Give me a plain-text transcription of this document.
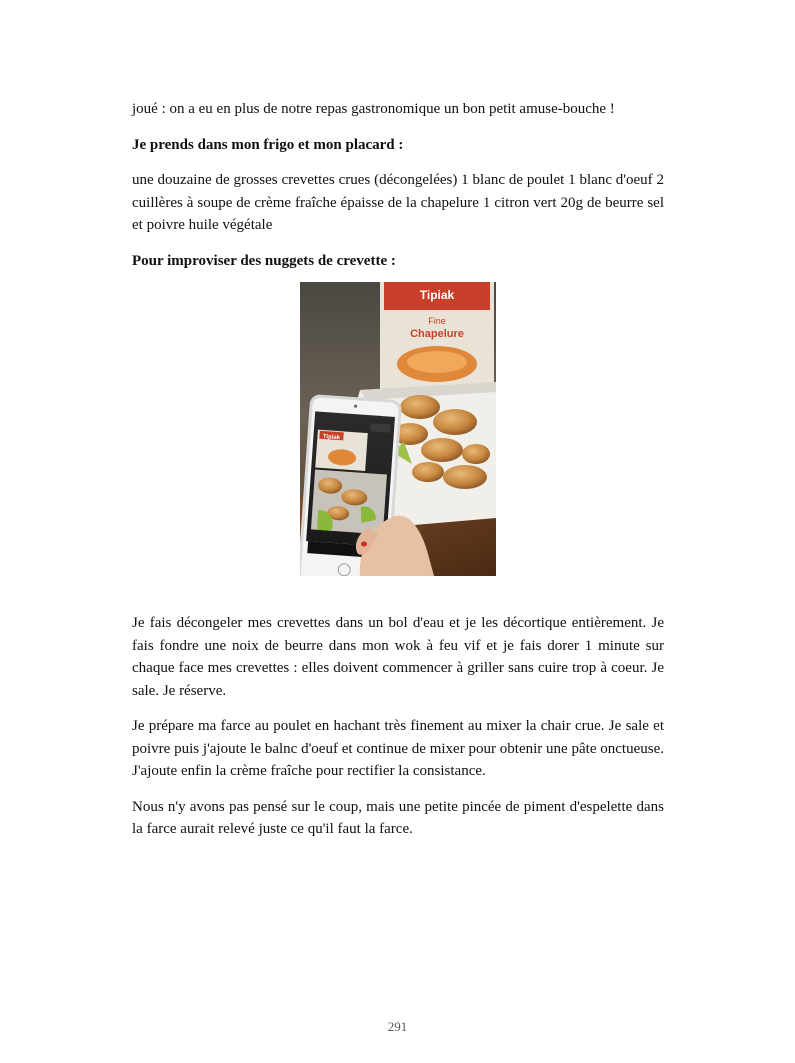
joué : on a eu en plus de notre repas gastronomique un bon petit amuse-bouche !

Je prends dans mon frigo et mon placard :

une douzaine de grosses crevettes crues (décongelées) 1 blanc de poulet 1 blanc d'oeuf 2 cuillères à soupe de crème fraîche épaisse de la chapelure 1 citron vert 20g de beurre sel et poivre huile végétale

Pour improviser des nuggets de crevette :
Tipiak
Fine
Chapelure
Tipiak

Je fais décongeler mes crevettes dans un bol d'eau et je les décortique entièrement. Je fais fondre une noix de beurre dans mon wok à feu vif et je fais dorer 1 minute sur chaque face mes crevettes : elles doivent commencer à griller sans cuire trop à coeur. Je sale. Je réserve.

Je prépare ma farce au poulet en hachant très finement au mixer la chair crue. Je sale et poivre puis j'ajoute le balnc d'oeuf et continue de mixer pour obtenir une pâte onctueuse. J'ajoute enfin la crème fraîche pour rectifier la consistance.

Nous n'y avons pas pensé sur le coup, mais une petite pincée de piment d'espelette dans la farce aurait relevé juste ce qu'il faut la farce.

291
